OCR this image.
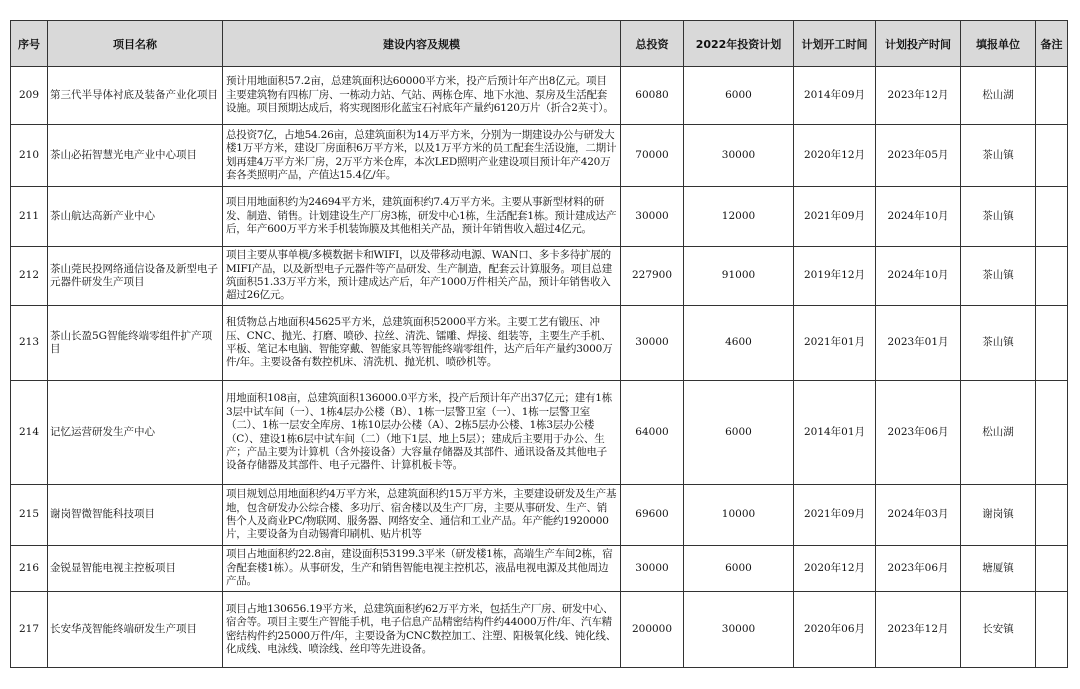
序号	项目名称	建设内容及规模	总投资	2022年投资计划	计划开工时间	计划投产时间	填报单位	备注
209	第三代半导体衬底及装备产业化项目	预计用地面积57.2亩，总建筑面积达60000平方米，投产后预计年产出8亿元。项目主要建筑物有四栋厂房、一栋动力站、气站、两栋仓库、地下水池、泵房及生活配套设施。项目预期达成后，将实现图形化蓝宝石衬底年产量约6120万片（折合2英寸）。	60080	6000	2014年09月	2023年12月	松山湖	
210	茶山必拓智慧光电产业中心项目	总投资7亿，占地54.26亩，总建筑面积为14万平方米，分别为一期建设办公与研发大楼1万平方米，建设厂房面积6万平方米，以及1万平方米的员工配套生活设施，二期计划再建4万平方米厂房，2万平方米仓库，本次LED照明产业建设项目预计年产420万套各类照明产品，产值达15.4亿/年。	70000	30000	2020年12月	2023年05月	茶山镇	
211	茶山航达高新产业中心	项目用地面积约为24694平方米，建筑面积约7.4万平方米。主要从事新型材料的研发、制造、销售。计划建设生产厂房3栋，研发中心1栋，生活配套1栋。预计建成达产后，年产600万平方米手机装饰膜及其他相关产品，预计年销售收入超过4亿元。	30000	12000	2021年09月	2024年10月	茶山镇	
212	茶山莞民投网络通信设备及新型电子元器件研发生产项目	项目主要从事单模/多模数据卡和WIFI，以及带移动电源、WAN口、多卡多待扩展的MIFI产品，以及新型电子元器件等产品研发、生产制造，配套云计算服务。项目总建筑面积51.33万平方米，预计建成达产后，年产1000万件相关产品，预计年销售收入超过26亿元。	227900	91000	2019年12月	2024年10月	茶山镇	
213	茶山长盈5G智能终端零组件扩产项目	租赁物总占地面积45625平方米，总建筑面积52000平方米。主要工艺有锻压、冲压、CNC、抛光、打磨、喷砂、拉丝、清洗、镭雕、焊接、组装等，主要生产手机、平板、笔记本电脑、智能穿戴、智能家具等智能终端零组件，达产后年产量约3000万件/年。主要设备有数控机床、清洗机、抛光机、喷砂机等。	30000	4600	2021年01月	2023年01月	茶山镇	
214	记忆运营研发生产中心	用地面积108亩，总建筑面积136000.0平方米，投产后预计年产出37亿元；建有1栋3层中试车间（一）、1栋4层办公楼（B）、1栋一层警卫室（一）、1栋一层警卫室（二）、1栋一层安全库房、1栋10层办公楼（A）、2栋5层办公楼、1栋3层办公楼（C）、建设1栋6层中试车间（二）（地下1层、地上5层）；建成后主要用于办公、生产；产品主要为计算机（含外接设备）大容量存储器及其部件、通讯设备及其他电子设备存储器及其部件、电子元器件、计算机板卡等。	64000	6000	2014年01月	2023年06月	松山湖	
215	谢岗智微智能科技项目	项目规划总用地面积约4万平方米，总建筑面积约15万平方米，主要建设研发及生产基地，包含研发办公综合楼、多功厅、宿舍楼以及生产厂房，主要从事研发、生产、销售个人及商业PC/物联网、服务器、网络安全、通信和工业产品。年产能约1920000片，主要设备为自动锡膏印刷机、贴片机等	69600	10000	2021年09月	2024年03月	谢岗镇	
216	金锐显智能电视主控板项目	项目占地面积约22.8亩，建设面积53199.3平米（研发楼1栋，高端生产车间2栋，宿舍配套楼1栋）。从事研发，生产和销售智能电视主控机芯，液晶电视电源及其他周边产品。	30000	6000	2020年12月	2023年06月	塘厦镇	
217	长安华茂智能终端研发生产项目	项目占地130656.19平方米，总建筑面积约62万平方米，包括生产厂房、研发中心、宿舍等。项目主要生产智能手机，电子信息产品精密结构件约44000万件/年、汽车精密结构件约25000万件/年，主要设备为CNC数控加工、注塑、阳极氧化线、钝化线、化成线、电泳线、喷涂线、丝印等先进设备。	200000	30000	2020年06月	2023年12月	长安镇	
